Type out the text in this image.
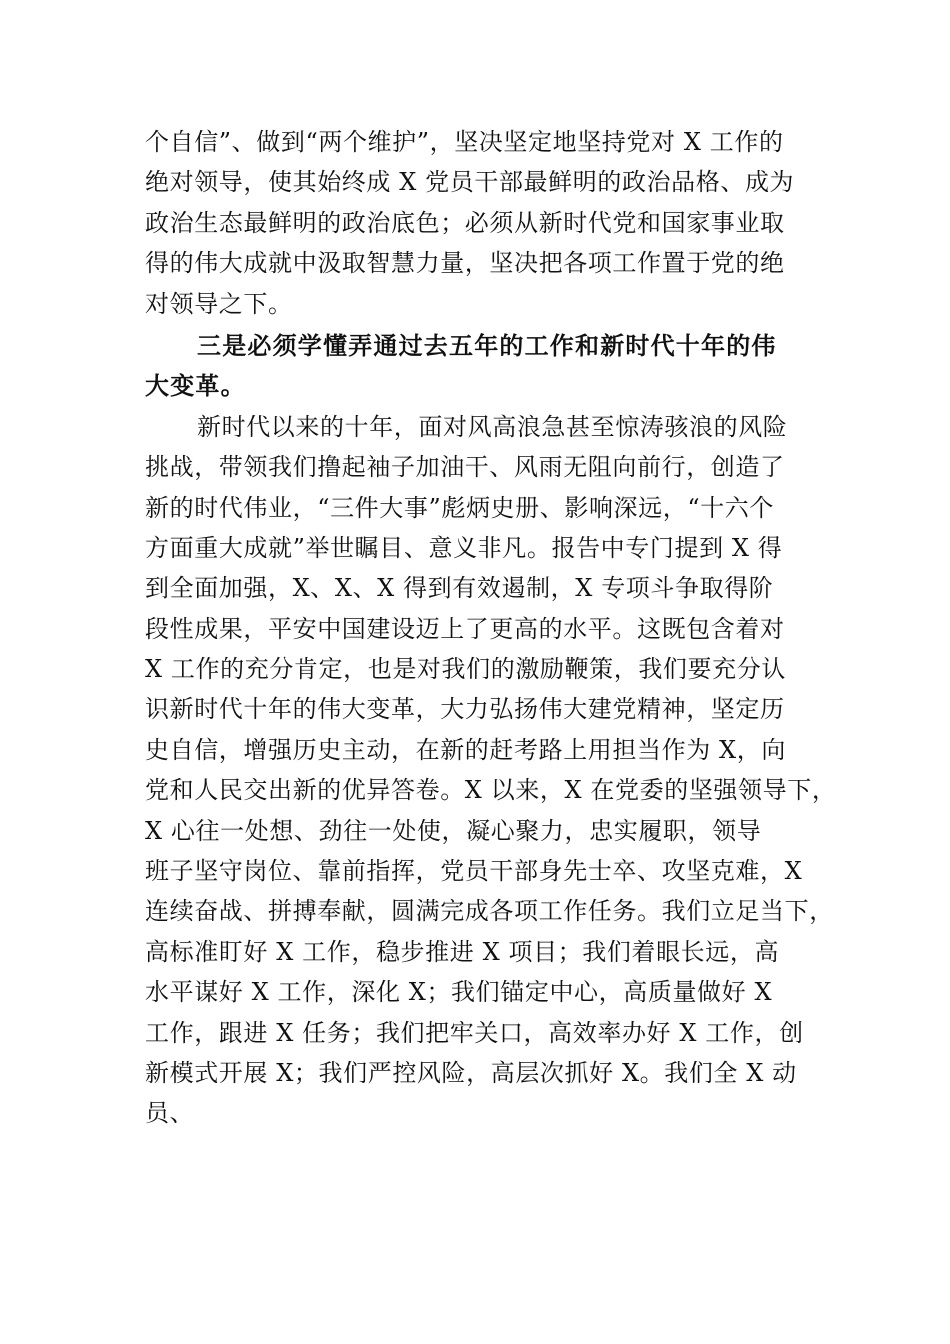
个自信”、做到“两个维护”，坚决坚定地坚持党对 X 工作的
绝对领导，使其始终成 X 党员干部最鲜明的政治品格、成为
政治生态最鲜明的政治底色；必须从新时代党和国家事业取
得的伟大成就中汲取智慧力量，坚决把各项工作置于党的绝
对领导之下。
三是必须学懂弄通过去五年的工作和新时代十年的伟
大变革。
新时代以来的十年，面对风高浪急甚至惊涛骇浪的风险
挑战，带领我们撸起袖子加油干、风雨无阻向前行，创造了
新的时代伟业，“三件大事”彪炳史册、影响深远，“十六个
方面重大成就”举世瞩目、意义非凡。报告中专门提到 X 得
到全面加强，X、X、X 得到有效遏制，X 专项斗争取得阶
段性成果，平安中国建设迈上了更高的水平。这既包含着对
X 工作的充分肯定，也是对我们的激励鞭策，我们要充分认
识新时代十年的伟大变革，大力弘扬伟大建党精神，坚定历
史自信，增强历史主动，在新的赶考路上用担当作为 X，向
党和人民交出新的优异答卷。X 以来，X 在党委的坚强领导下，
X 心往一处想、劲往一处使，凝心聚力，忠实履职，领导
班子坚守岗位、靠前指挥，党员干部身先士卒、攻坚克难，X
连续奋战、拼搏奉献，圆满完成各项工作任务。我们立足当下，
高标准盯好 X 工作，稳步推进 X 项目；我们着眼长远，高
水平谋好 X 工作，深化 X；我们锚定中心，高质量做好 X
工作，跟进 X 任务；我们把牢关口，高效率办好 X 工作，创
新模式开展 X；我们严控风险，高层次抓好 X。我们全 X 动
员、
